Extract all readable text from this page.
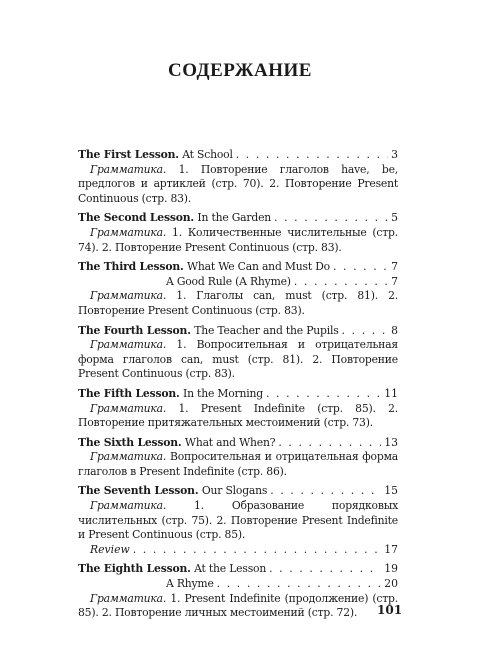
СОДЕРЖАНИЕ
The First Lesson.
At School . . .	3
Грамматика. 1. Повторение глаголов have, be, предлогов и артиклей (стр. 70). 2. Повторение Present Continuous (стр. 83).
The Second Lesson.
In the Garden . . .	5
Грамматика. 1. Количественные числительные (стр. 74). 2. Повторение Present Continuous (стр. 83).
The Third Lesson.
What We Can and Must Do . . .	7
A Good Rule (A Rhyme) . . .	7
Грамматика. 1. Глаголы can, must (стр. 81). 2. Повторение Present Continuous (стр. 83).
The Fourth Lesson.
The Teacher and the Pupils . . .	8
Грамматика. 1. Вопросительная и отрицательная форма глаголов can, must (стр. 81). 2. Повторение Present Continuous (стр. 83).
The Fifth Lesson.
In the Morning . . .	11
Грамматика. 1. Present Indefinite (стр. 85). 2. Повторение притяжательных местоимений (стр. 73).
The Sixth Lesson.
What and When? . . .	13
Грамматика. Вопросительная и отрицательная форма глаголов в Present Indefinite (стр. 86).
The Seventh Lesson.
Our Slogans . . .	15
Грамматика.	1. Образование порядковых числительных (стр. 75). 2. Повторение Present Indefinite и Present Continuous (стр. 85).
Review . . .	17
The Eighth Lesson.
At the Lesson . . .	19
A Rhyme . . .	20
Грамматика. 1. Present Indefinite (продолжение) (стр. 85). 2. Повторение личных местоимений (стр. 72).	101
